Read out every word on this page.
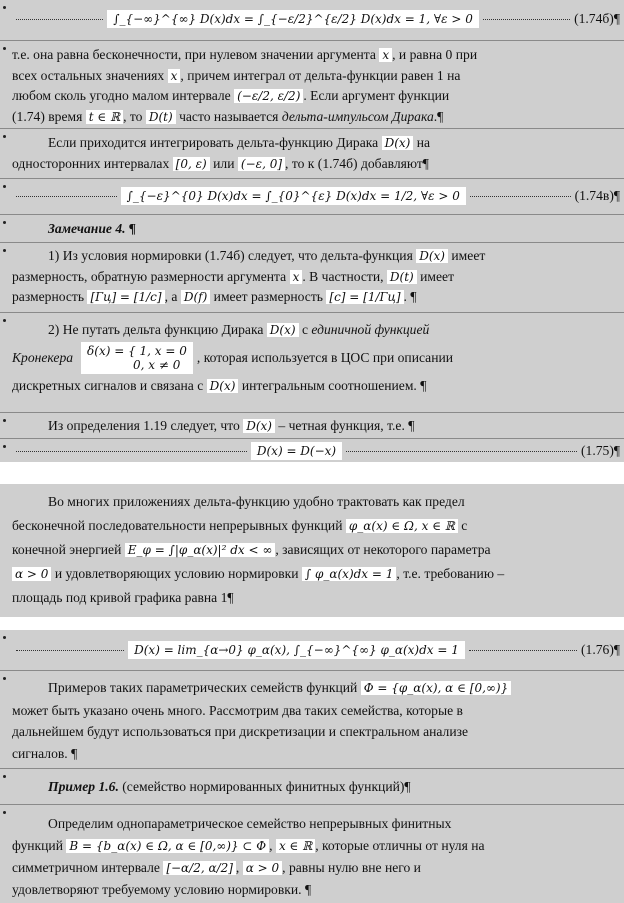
∫_{−∞}^{∞} D(x)dx = ∫_{−ε/2}^{ε/2} D(x)dx = 1, ∀ε > 0	(1.74б)¶
т.е. она равна бесконечности, при нулевом значении аргумента x , и равна 0 при
всех остальных значениях x , причем интеграл от дельта-функции равен 1 на
любом сколь угодно малом интервале (−ε/2, ε/2) . Если аргумент функции
(1.74) время t ∈ ℝ , то D(t) часто называется дельта-импульсом Дирака.¶
Если приходится интегрировать дельта-функцию Дирака D(x) на
односторонних интервалах [0, ε) или (−ε, 0] , то к (1.74б) добавляют¶
∫_{−ε}^{0} D(x)dx = ∫_{0}^{ε} D(x)dx = 1/2, ∀ε > 0	(1.74в)¶
Замечание 4. ¶
1) Из условия нормировки (1.74б) следует, что дельта-функция D(x) имеет
размерность, обратную размерности аргумента x . В частности, D(t) имеет
размерность [Гц] = [1/c] , а D(f) имеет размерность [c] = [1/Гц] . ¶
2) Не путать дельта функцию Дирака D(x) с единичной функцией
Кронекера δ(x) = { 1, x = 0
0, x ≠ 0	, которая используется в ЦОС при описании
дискретных сигналов и связана с D(x) интегральным соотношением. ¶
Из определения 1.19 следует, что D(x) – четная функция, т.е. ¶
D(x) = D(−x)	(1.75)¶
Во многих приложениях дельта-функцию удобно трактовать как предел
бесконечной последовательности непрерывных функций φ_α(x) ∈ Ω, x ∈ ℝ с
конечной энергией E_φ = ∫|φ_α(x)|² dx < ∞ , зависящих от некоторого параметра
α > 0 и удовлетворяющих условию нормировки ∫ φ_α(x)dx = 1 , т.е. требованию –
площадь под кривой графика равна 1¶
D(x) = lim_{α→0} φ_α(x), ∫_{−∞}^{∞} φ_α(x)dx = 1	(1.76)¶
Примеров таких параметрических семейств функций Φ = {φ_α(x), α ∈ [0,∞)}
может быть указано очень много. Рассмотрим два таких семейства, которые в
дальнейшем будут использоваться при дискретизации и спектральном анализе
сигналов. ¶
Пример 1.6. (семейство нормированных финитных функций)¶
Определим однопараметрическое семейство непрерывных финитных
функций B = {b_α(x) ∈ Ω, α ∈ [0,∞)} ⊂ Φ , x ∈ ℝ , которые отличны от нуля на
симметричном интервале [−α/2, α/2] , α > 0 , равны нулю вне него и
удовлетворяют требуемому условию нормировки. ¶
